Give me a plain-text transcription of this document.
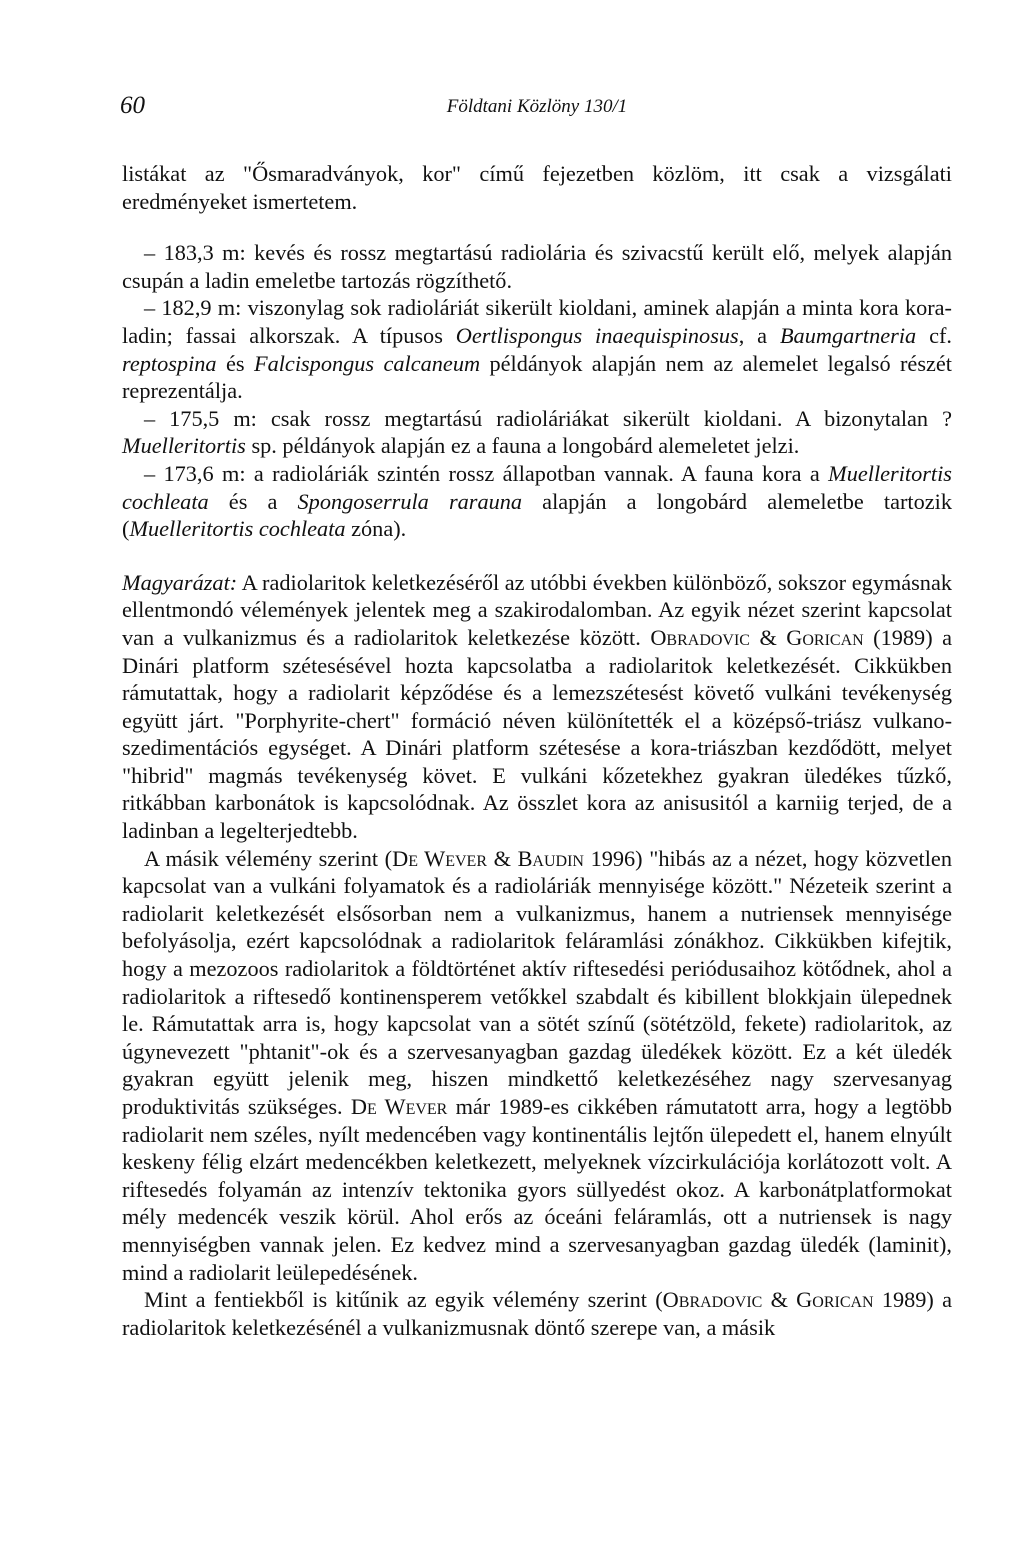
60	Földtani Közlöny 130/1

listákat az "Ősmaradványok, kor" című fejezetben közlöm, itt csak a vizsgálati eredményeket ismertetem.

– 183,3 m: kevés és rossz megtartású radiolária és szivacstű került elő, melyek alapján csupán a ladin emeletbe tartozás rögzíthető.

– 182,9 m: viszonylag sok radioláriát sikerült kioldani, aminek alapján a minta kora kora-ladin; fassai alkorszak. A típusos Oertlispongus inaequispinosus, a Baumgartneria cf. reptospina és Falcispongus calcaneum példányok alapján nem az alemelet legalsó részét reprezentálja.

– 175,5 m: csak rossz megtartású radioláriákat sikerült kioldani. A bizonytalan ?Muelleritortis sp. példányok alapján ez a fauna a longobárd alemeletet jelzi.

– 173,6 m: a radioláriák szintén rossz állapotban vannak. A fauna kora a Muelleritortis cochleata és a Spongoserrula rarauna alapján a longobárd alemeletbe tartozik (Muelleritortis cochleata zóna).

Magyarázat: A radiolaritok keletkezéséről az utóbbi években különböző, sokszor egymásnak ellentmondó vélemények jelentek meg a szakirodalomban. Az egyik nézet szerint kapcsolat van a vulkanizmus és a radiolaritok keletkezése között. Obradovic & Gorican (1989) a Dinári platform szétesésével hozta kapcsolatba a radiolaritok keletkezését. Cikkükben rámutattak, hogy a radiolarit képződése és a lemezszétesést követő vulkáni tevékenység együtt járt. "Porphyrite-chert" formáció néven különítették el a középső-triász vulkano-szedimentációs egységet. A Dinári platform szétesése a kora-triászban kezdődött, melyet "hibrid" magmás tevékenység követ. E vulkáni kőzetekhez gyakran üledékes tűzkő, ritkábban karbonátok is kapcsolódnak. Az összlet kora az anisusitól a karniig terjed, de a ladinban a legelterjedtebb.

A másik vélemény szerint (De Wever & Baudin 1996) "hibás az a nézet, hogy közvetlen kapcsolat van a vulkáni folyamatok és a radioláriák mennyisége között." Nézeteik szerint a radiolarit keletkezését elsősorban nem a vulkanizmus, hanem a nutriensek mennyisége befolyásolja, ezért kapcsolódnak a radiolaritok feláramlási zónákhoz. Cikkükben kifejtik, hogy a mezozoos radiolaritok a földtörténet aktív riftesedési periódusaihoz kötődnek, ahol a radiolaritok a riftesedő kontinensperem vetőkkel szabdalt és kibillent blokkjain ülepednek le. Rámutattak arra is, hogy kapcsolat van a sötét színű (sötétzöld, fekete) radiolaritok, az úgynevezett "phtanit"-ok és a szervesanyagban gazdag üledékek között. Ez a két üledék gyakran együtt jelenik meg, hiszen mindkettő keletkezéséhez nagy szervesanyag produktivitás szükséges. De Wever már 1989-es cikkében rámutatott arra, hogy a legtöbb radiolarit nem széles, nyílt medencében vagy kontinentális lejtőn ülepedett el, hanem elnyúlt keskeny félig elzárt medencékben keletkezett, melyeknek vízcirkulációja korlátozott volt. A riftesedés folyamán az intenzív tektonika gyors süllyedést okoz. A karbonátplatformokat mély medencék veszik körül. Ahol erős az óceáni feláramlás, ott a nutriensek is nagy mennyiségben vannak jelen. Ez kedvez mind a szervesanyagban gazdag üledék (laminit), mind a radiolarit leülepedésének.

Mint a fentiekből is kitűnik az egyik vélemény szerint (Obradovic & Gorican 1989) a radiolaritok keletkezésénél a vulkanizmusnak döntő szerepe van, a másik
